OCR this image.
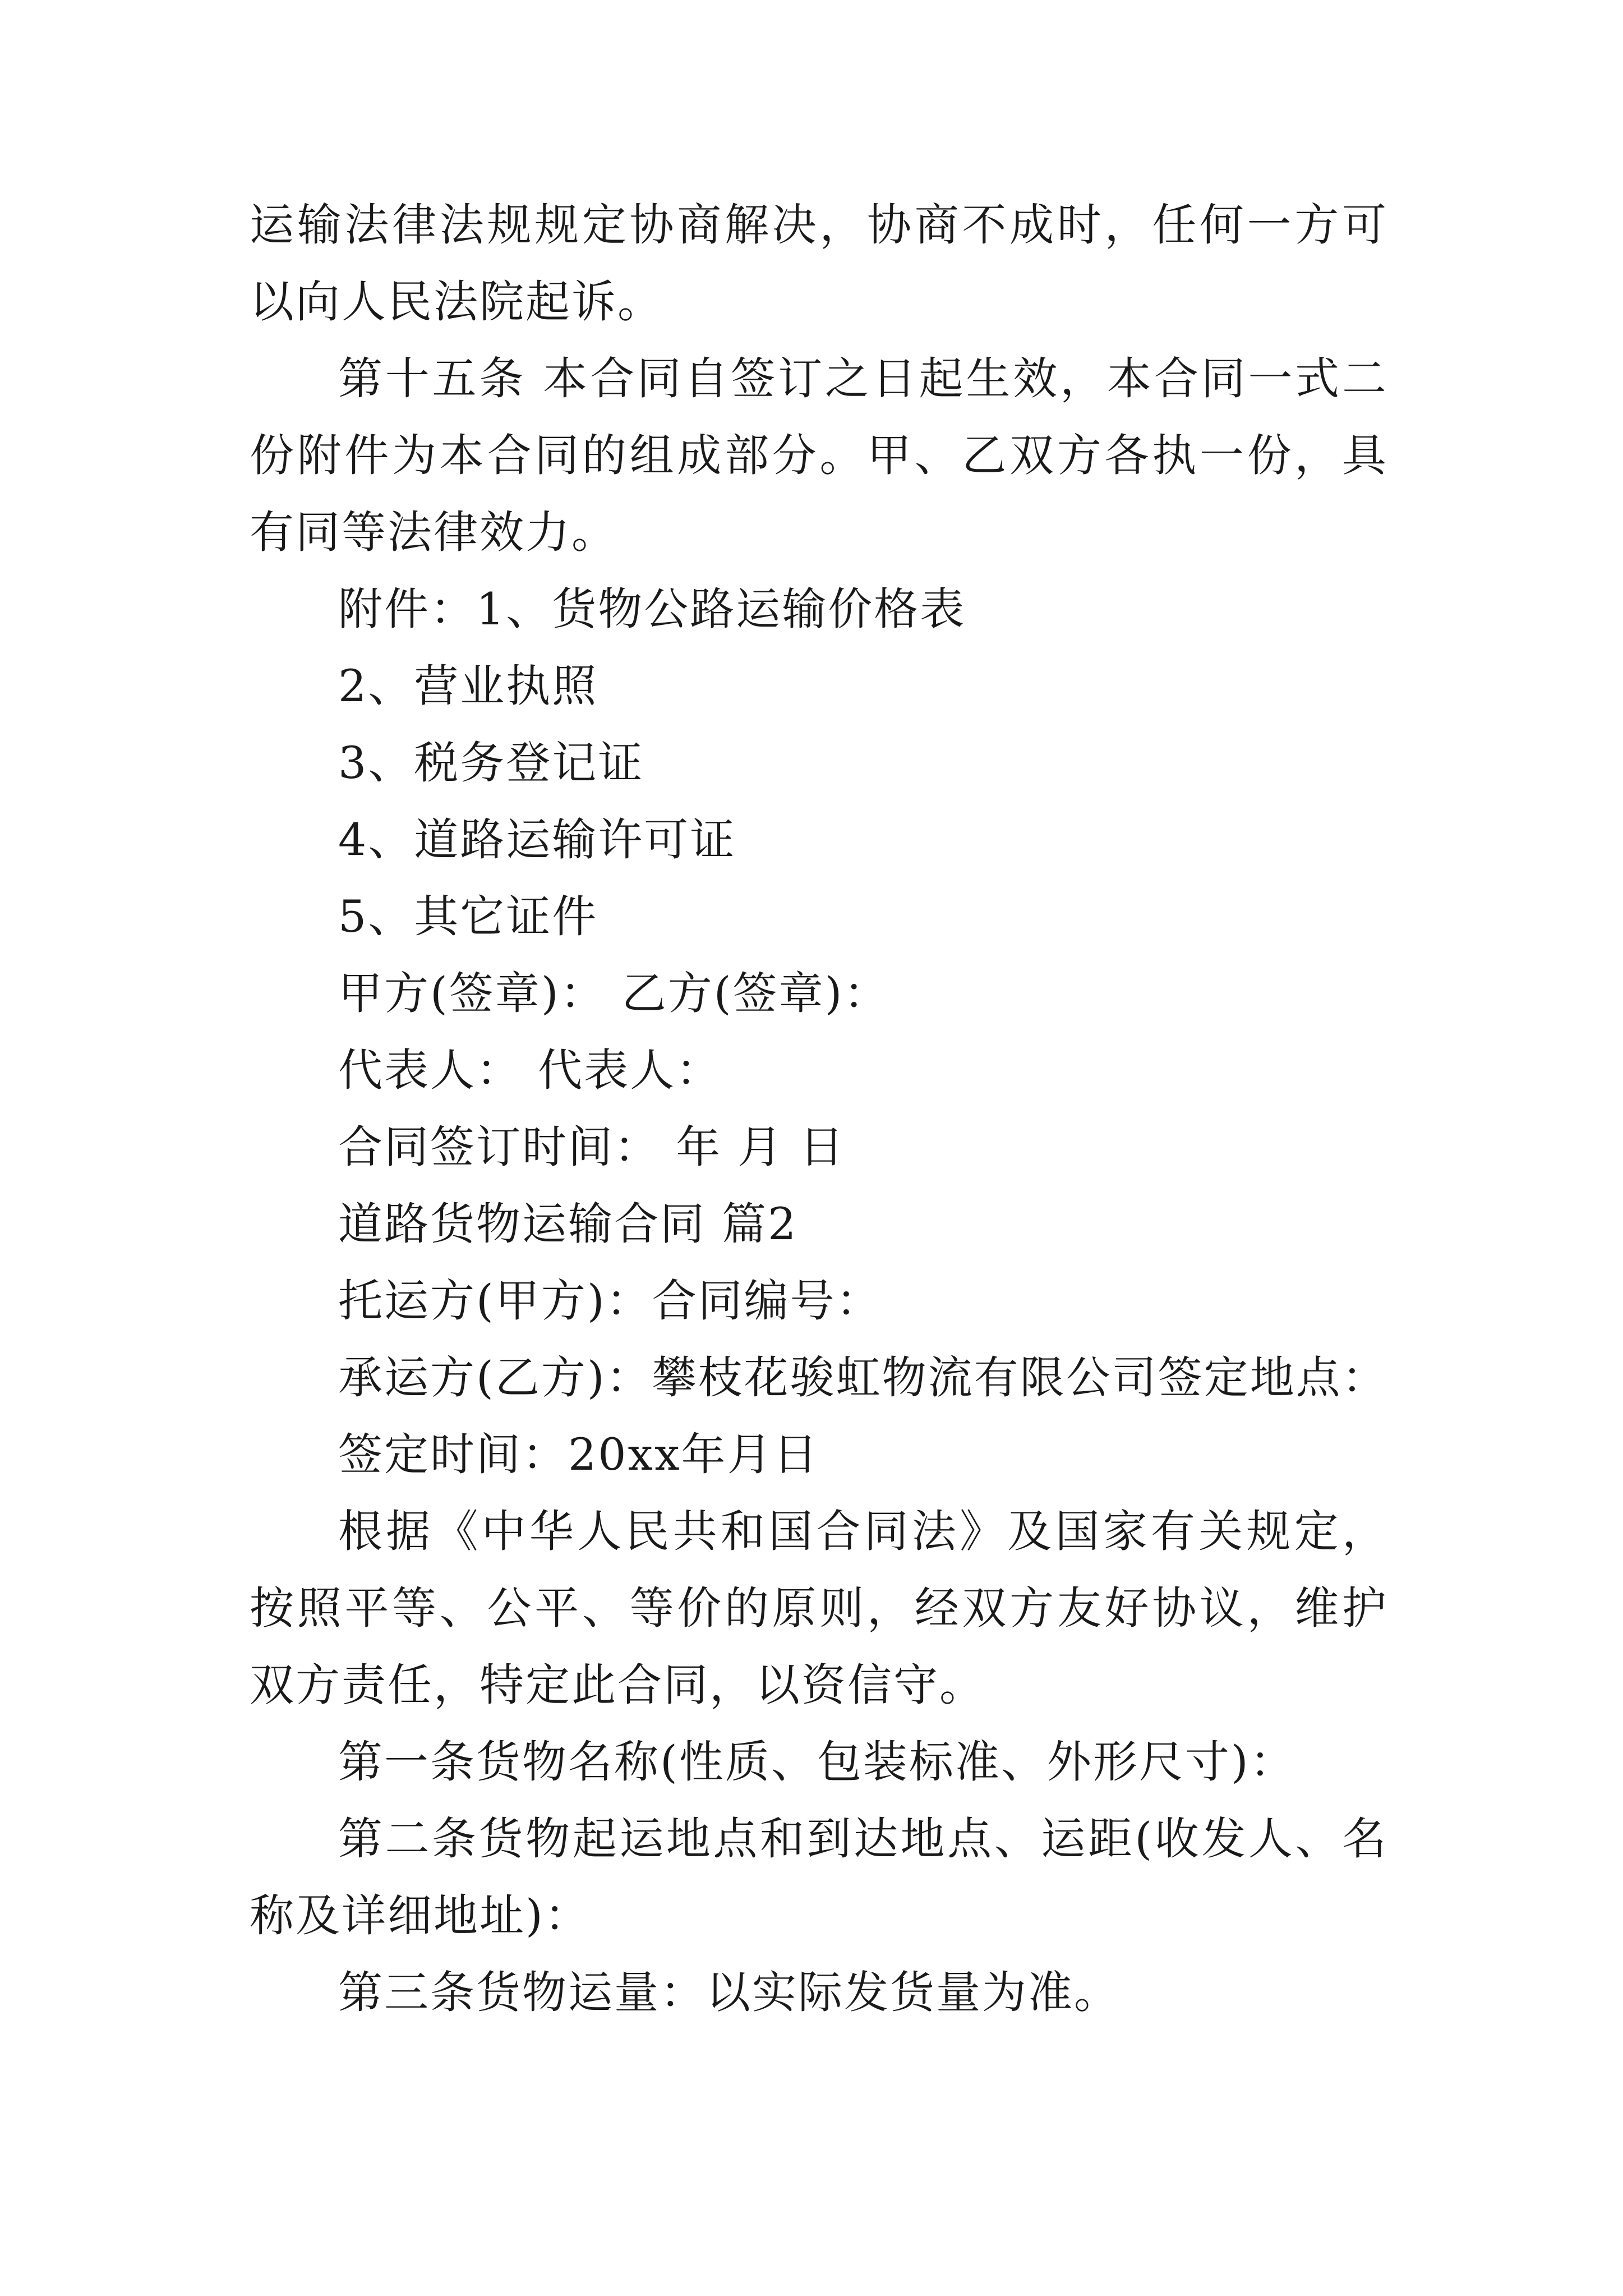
运输法律法规规定协商解决，协商不成时，任何一方可以向人民法院起诉。

第十五条 本合同自签订之日起生效，本合同一式二份附件为本合同的组成部分。甲、乙双方各执一份，具有同等法律效力。

附件：1、货物公路运输价格表

2、营业执照

3、税务登记证

4、道路运输许可证

5、其它证件

甲方(签章)： 乙方(签章)：

代表人： 代表人：

合同签订时间： 年 月 日

道路货物运输合同 篇2

托运方(甲方)：合同编号：

承运方(乙方)：攀枝花骏虹物流有限公司签定地点：

签定时间：20xx年月日

根据《中华人民共和国合同法》及国家有关规定，按照平等、公平、等价的原则，经双方友好协议，维护双方责任，特定此合同，以资信守。

第一条货物名称(性质、包装标准、外形尺寸)：

第二条货物起运地点和到达地点、运距(收发人、名称及详细地址)：

第三条货物运量：以实际发货量为准。
